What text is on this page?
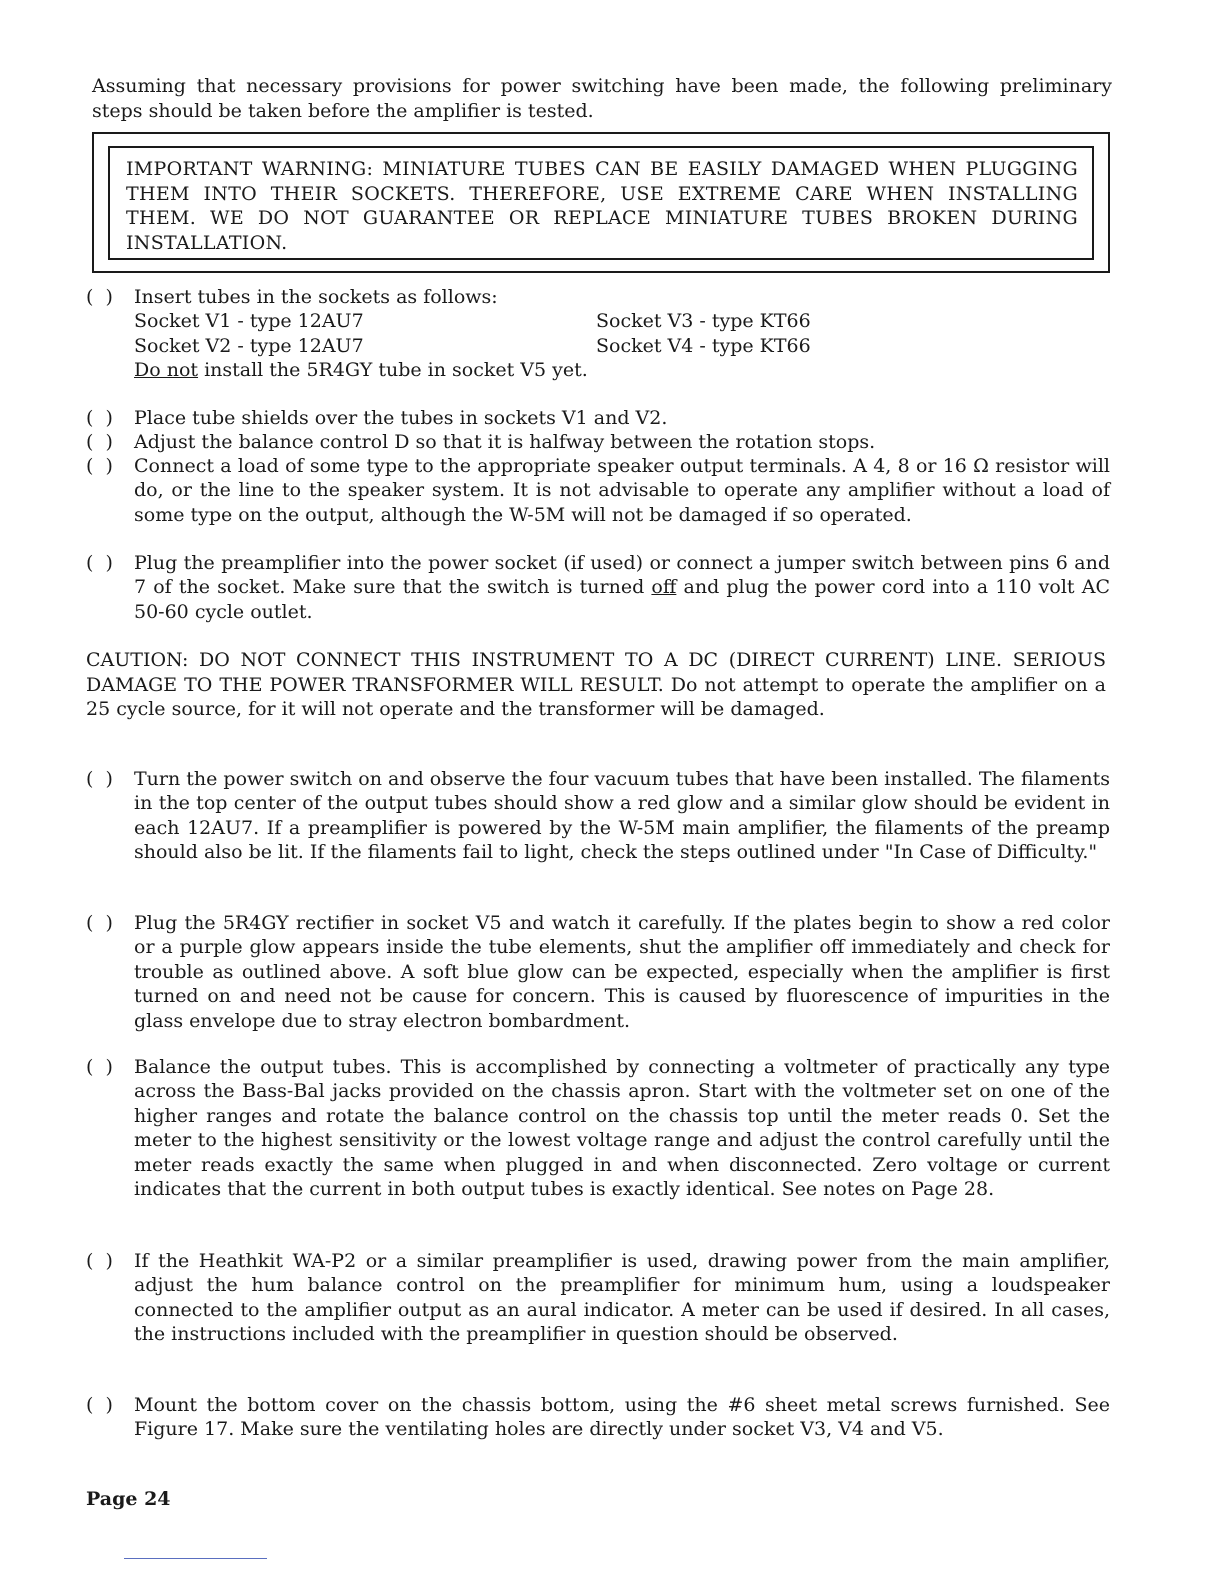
Assuming that necessary provisions for power switching have been made, the following preliminary steps should be taken before the amplifier is tested.
IMPORTANT WARNING: MINIATURE TUBES CAN BE EASILY DAMAGED WHEN PLUGGING THEM INTO THEIR SOCKETS. THEREFORE, USE EXTREME CARE WHEN INSTALLING THEM. WE DO NOT GUARANTEE OR REPLACE MINIATURE TUBES BROKEN DURING INSTALLATION.
(  )	Insert tubes in the sockets as follows:
Socket V1 - type 12AU7	Socket V3 - type KT66
Socket V2 - type 12AU7	Socket V4 - type KT66
Do not install the 5R4GY tube in socket V5 yet.
(  )	Place tube shields over the tubes in sockets V1 and V2.
(  )	Adjust the balance control D so that it is halfway between the rotation stops.
(  )	Connect a load of some type to the appropriate speaker output terminals. A 4, 8 or 16 Ω resistor will do, or the line to the speaker system. It is not advisable to operate any amplifier without a load of some type on the output, although the W-5M will not be damaged if so operated.
(  )	Plug the preamplifier into the power socket (if used) or connect a jumper switch between pins 6 and 7 of the socket. Make sure that the switch is turned off and plug the power cord into a 110 volt AC 50-60 cycle outlet.
CAUTION: DO NOT CONNECT THIS INSTRUMENT TO A DC (DIRECT CURRENT) LINE. SERIOUS DAMAGE TO THE POWER TRANSFORMER WILL RESULT. Do not attempt to operate the amplifier on a 25 cycle source, for it will not operate and the transformer will be damaged.
(  )	Turn the power switch on and observe the four vacuum tubes that have been installed. The filaments in the top center of the output tubes should show a red glow and a similar glow should be evident in each 12AU7. If a preamplifier is powered by the W-5M main amplifier, the filaments of the preamp should also be lit. If the filaments fail to light, check the steps outlined under "In Case of Difficulty."
(  )	Plug the 5R4GY rectifier in socket V5 and watch it carefully. If the plates begin to show a red color or a purple glow appears inside the tube elements, shut the amplifier off immediately and check for trouble as outlined above. A soft blue glow can be expected, especially when the amplifier is first turned on and need not be cause for concern. This is caused by fluorescence of impurities in the glass envelope due to stray electron bombardment.
(  )	Balance the output tubes. This is accomplished by connecting a voltmeter of practically any type across the Bass-Bal jacks provided on the chassis apron. Start with the voltmeter set on one of the higher ranges and rotate the balance control on the chassis top until the meter reads 0. Set the meter to the highest sensitivity or the lowest voltage range and adjust the control carefully until the meter reads exactly the same when plugged in and when disconnected. Zero voltage or current indicates that the current in both output tubes is exactly identical. See notes on Page 28.
(  )	If the Heathkit WA-P2 or a similar preamplifier is used, drawing power from the main amplifier, adjust the hum balance control on the preamplifier for minimum hum, using a loudspeaker connected to the amplifier output as an aural indicator. A meter can be used if desired. In all cases, the instructions included with the preamplifier in question should be observed.
(  )	Mount the bottom cover on the chassis bottom, using the #6 sheet metal screws furnished. See Figure 17. Make sure the ventilating holes are directly under socket V3, V4 and V5.
Page 24
